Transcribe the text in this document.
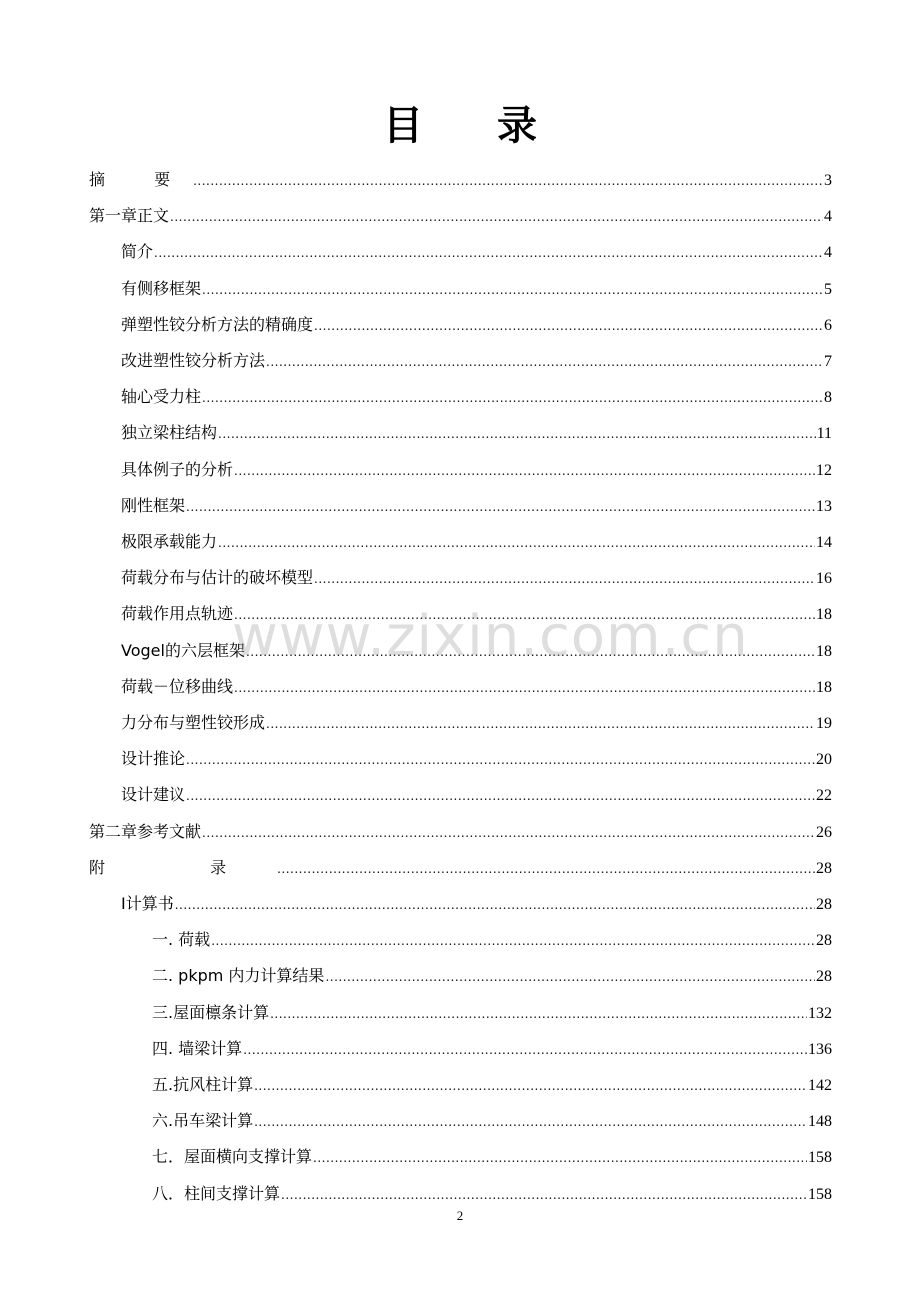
目 录
摘 要 .....	3
第一章正文 .....	4
简介 .....	4
有侧移框架 .....	5
弹塑性铰分析方法的精确度 .....	6
改进塑性铰分析方法 .....	7
轴心受力柱 .....	8
独立梁柱结构 .....	11
具体例子的分析 .....	12
刚性框架 .....	13
极限承载能力 .....	14
荷载分布与估计的破坏模型 .....	16
荷载作用点轨迹 .....	18
Vogel的六层框架 .....	18
荷载－位移曲线 .....	18
力分布与塑性铰形成 .....	19
设计推论 .....	20
设计建议 .....	22
第二章参考文献 .....	26
附 录 .....	28
Ⅰ计算书 .....	28
一. 荷载 .....	28
二. pkpm 内力计算结果 .....	28
三.屋面檩条计算 .....	132
四. 墙梁计算 .....	136
五.抗风柱计算 .....	142
六.吊车梁计算 .....	148
七．屋面横向支撑计算 .....	158
八．柱间支撑计算 .....	158
www.zixin.com.cn
2
